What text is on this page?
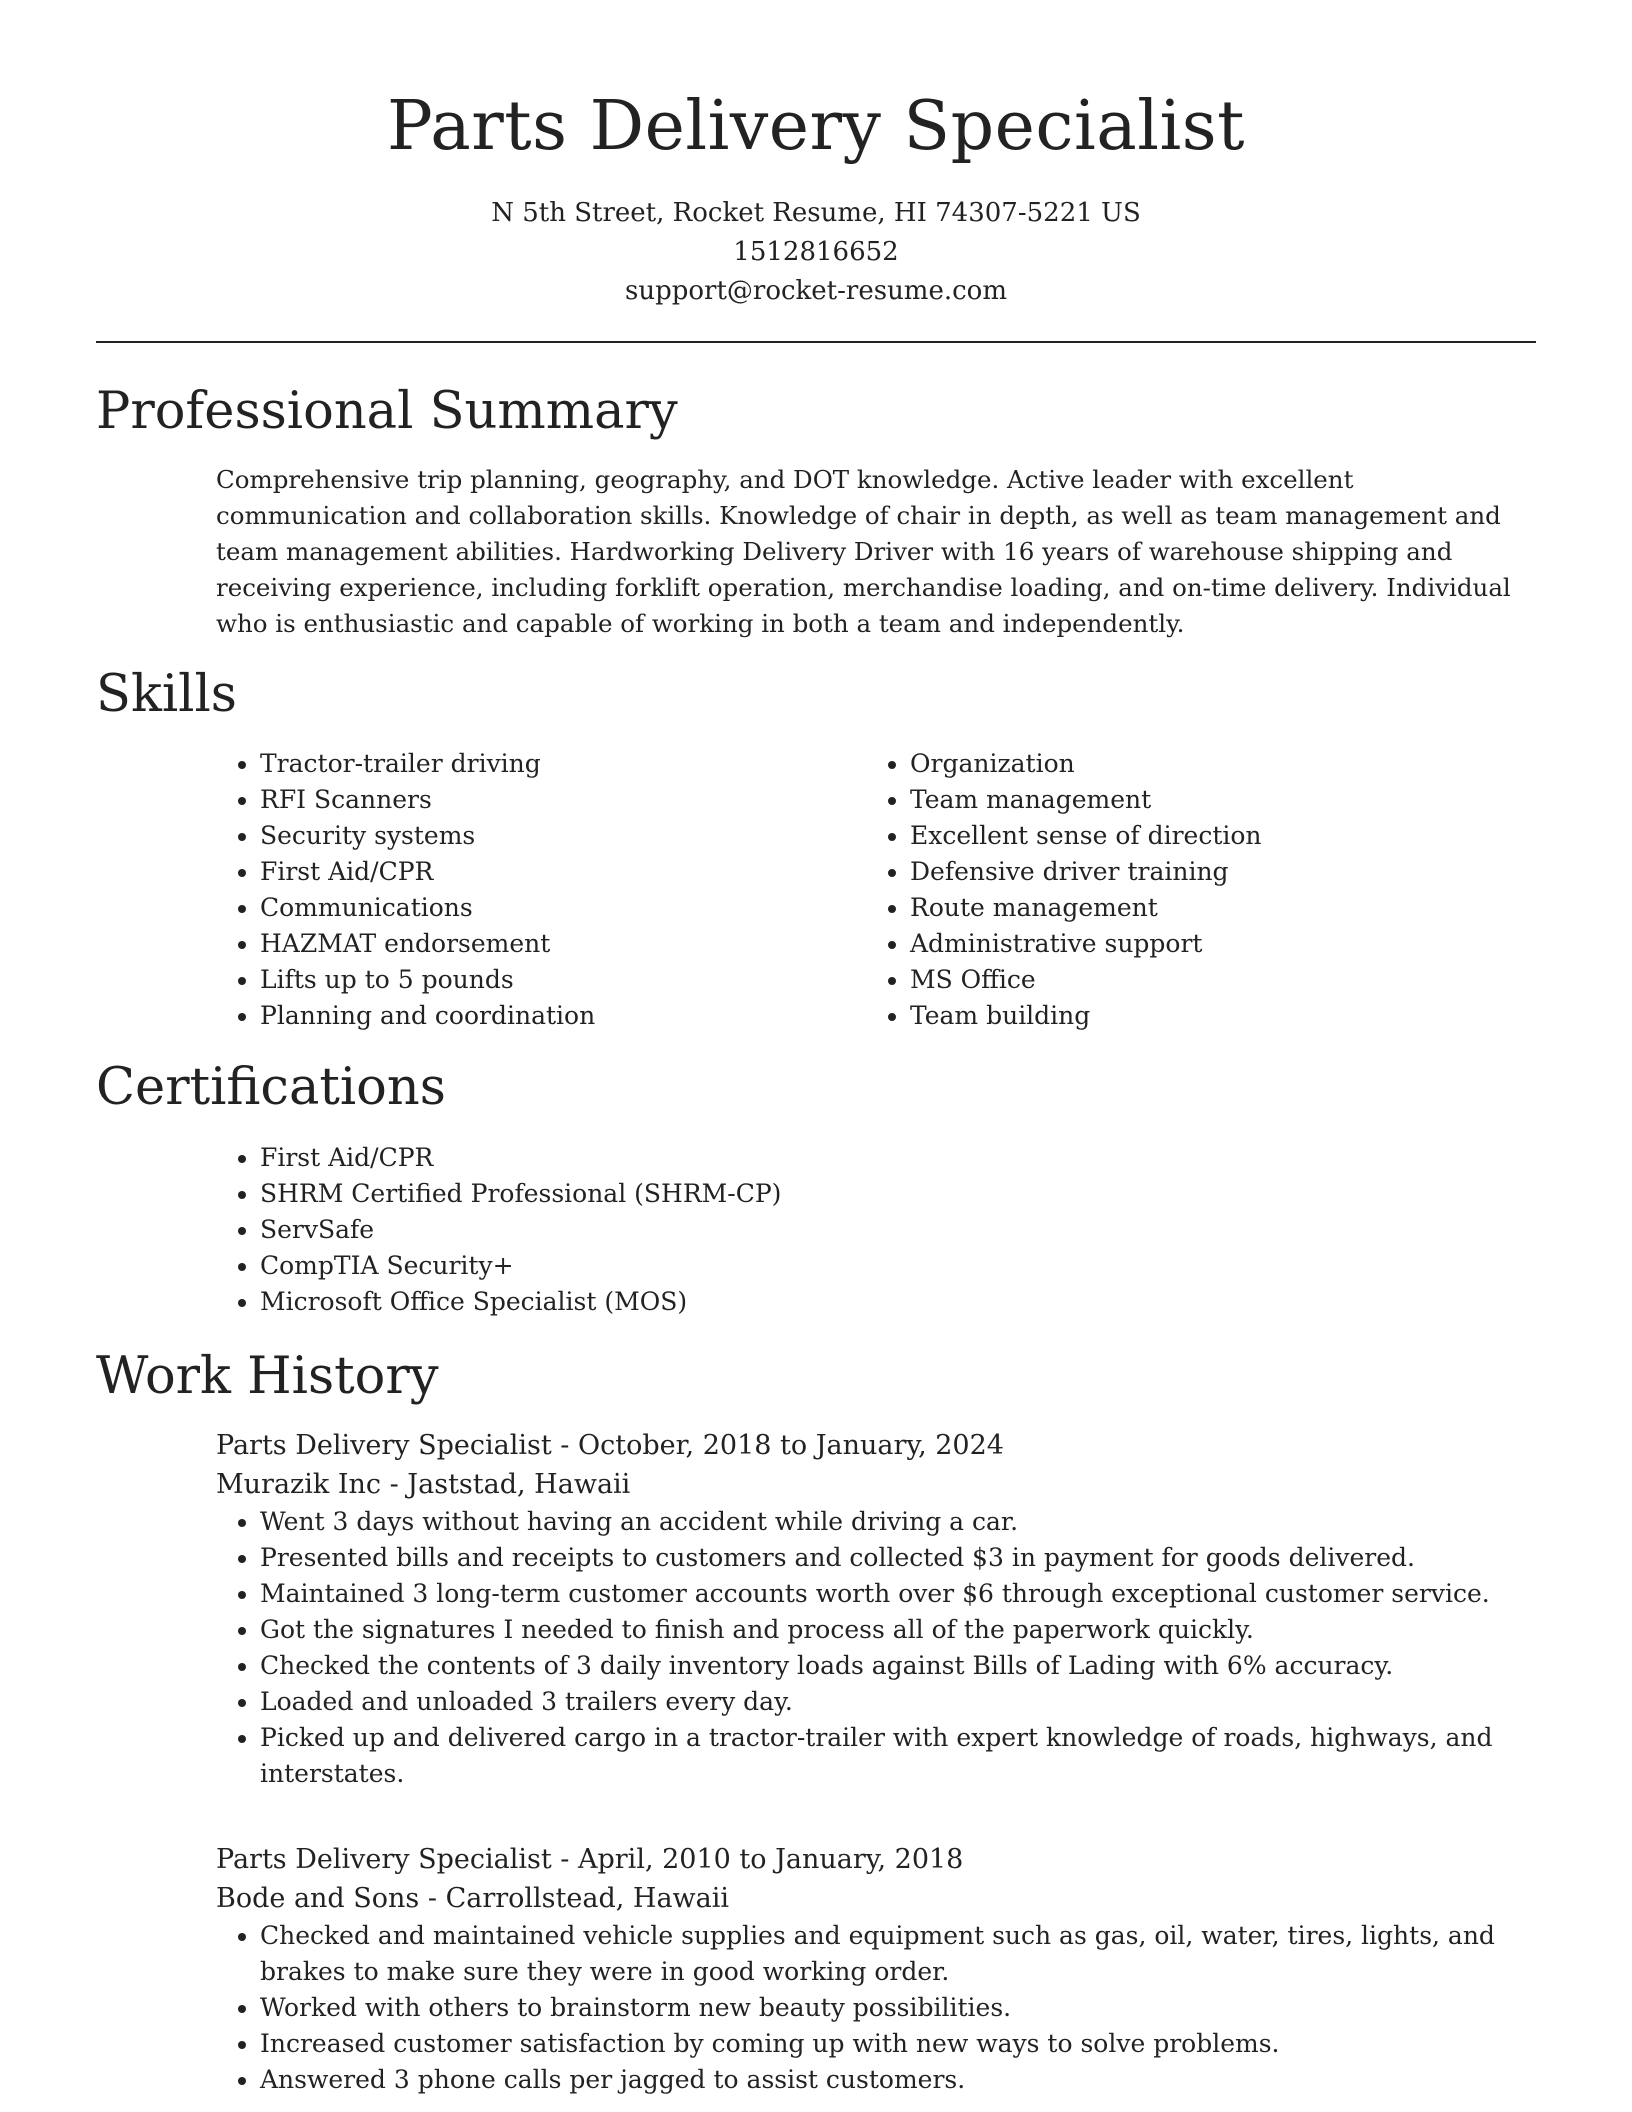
Parts Delivery Specialist
N 5th Street, Rocket Resume, HI 74307-5221 US
1512816652
support@rocket-resume.com
Professional Summary

Comprehensive trip planning, geography, and DOT knowledge. Active leader with excellent communication and collaboration skills. Knowledge of chair in depth, as well as team management and team management abilities. Hardworking Delivery Driver with 16 years of warehouse shipping and receiving experience, including forklift operation, merchandise loading, and on-time delivery. Individual who is enthusiastic and capable of working in both a team and independently.

Skills
• Tractor-trailer driving
• RFI Scanners
• Security systems
• First Aid/CPR
• Communications
• HAZMAT endorsement
• Lifts up to 5 pounds
• Planning and coordination
• Organization
• Team management
• Excellent sense of direction
• Defensive driver training
• Route management
• Administrative support
• MS Office
• Team building
Certifications
• First Aid/CPR
• SHRM Certified Professional (SHRM-CP)
• ServSafe
• CompTIA Security+
• Microsoft Office Specialist (MOS)
Work History
Parts Delivery Specialist - October, 2018 to January, 2024
Murazik Inc - Jaststad, Hawaii
• Went 3 days without having an accident while driving a car.
• Presented bills and receipts to customers and collected $3 in payment for goods delivered.
• Maintained 3 long-term customer accounts worth over $6 through exceptional customer service.
• Got the signatures I needed to finish and process all of the paperwork quickly.
• Checked the contents of 3 daily inventory loads against Bills of Lading with 6% accuracy.
• Loaded and unloaded 3 trailers every day.
• Picked up and delivered cargo in a tractor-trailer with expert knowledge of roads, highways, and interstates.
Parts Delivery Specialist - April, 2010 to January, 2018
Bode and Sons - Carrollstead, Hawaii
• Checked and maintained vehicle supplies and equipment such as gas, oil, water, tires, lights, and brakes to make sure they were in good working order.
• Worked with others to brainstorm new beauty possibilities.
• Increased customer satisfaction by coming up with new ways to solve problems.
• Answered 3 phone calls per jagged to assist customers.
